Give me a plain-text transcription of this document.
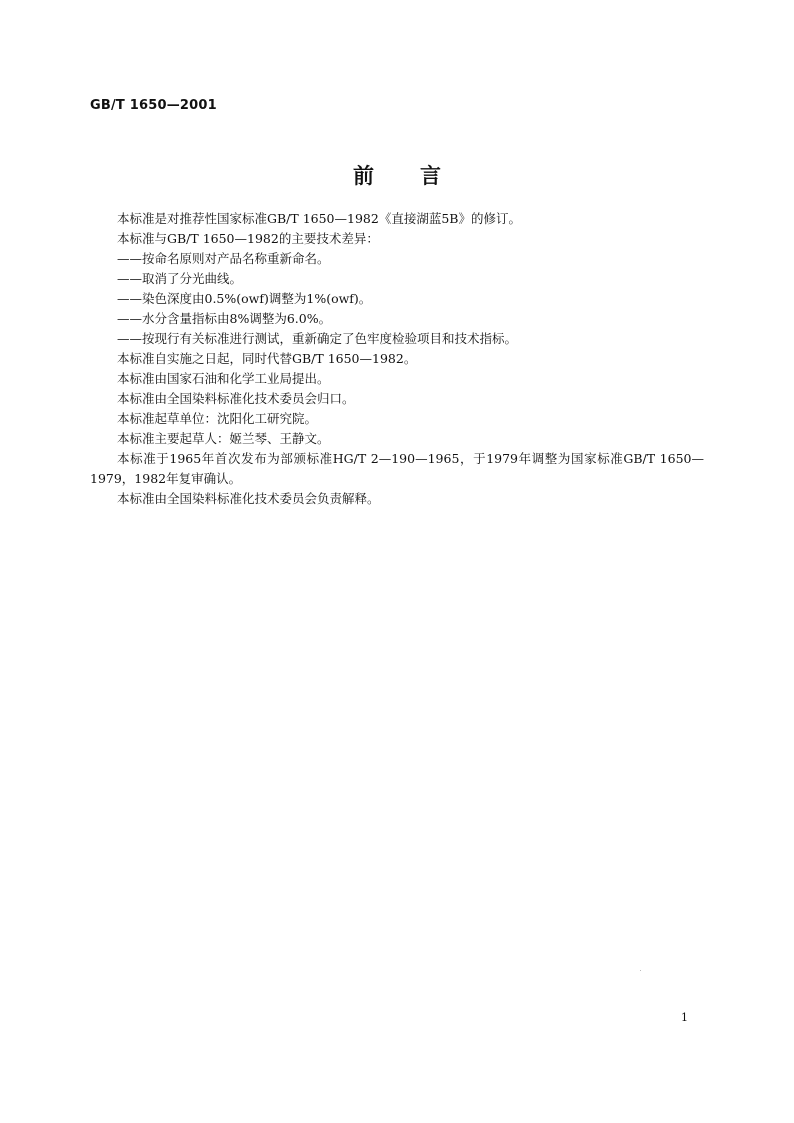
GB/T 1650—2001
前言

本标准是对推荐性国家标准GB/T 1650—1982《直接湖蓝5B》的修订。

本标准与GB/T 1650—1982的主要技术差异：

——按命名原则对产品名称重新命名。

——取消了分光曲线。

——染色深度由0.5%(owf)调整为1%(owf)。

——水分含量指标由8%调整为6.0%。

——按现行有关标准进行测试，重新确定了色牢度检验项目和技术指标。

本标准自实施之日起，同时代替GB/T 1650—1982。

本标准由国家石油和化学工业局提出。

本标准由全国染料标准化技术委员会归口。

本标准起草单位：沈阳化工研究院。

本标准主要起草人：姬兰琴、王静文。

本标准于1965年首次发布为部颁标准HG/T 2—190—1965，于1979年调整为国家标准GB/T 1650—1979，1982年复审确认。

本标准由全国染料标准化技术委员会负责解释。

1
